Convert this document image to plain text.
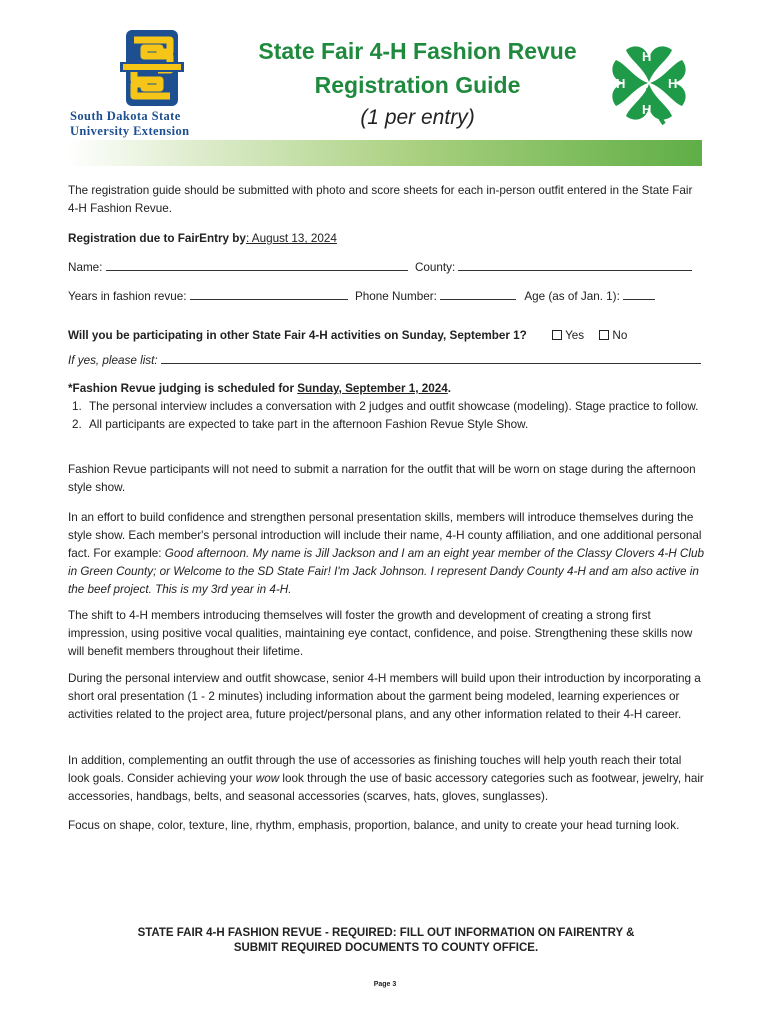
South Dakota State
University Extension
State Fair 4-H Fashion Revue
Registration Guide
(1 per entry)
H
H
H	H
The registration guide should be submitted with photo and score sheets for each in-person outfit entered in the State Fair 4-H Fashion Revue.
Registration due to FairEntry by: August 13, 2024
Name:	County:
Years in fashion revue:	Phone Number:	Age (as of Jan. 1):
Will you be participating in other State Fair 4-H activities on Sunday, September 1?	Yes No
If yes, please list:
*Fashion Revue judging is scheduled for Sunday, September 1, 2024.
1. The personal interview includes a conversation with 2 judges and outfit showcase (modeling). Stage practice to follow.
2. All participants are expected to take part in the afternoon Fashion Revue Style Show.
Fashion Revue participants will not need to submit a narration for the outfit that will be worn on stage during the afternoon style show.
In an effort to build confidence and strengthen personal presentation skills, members will introduce themselves during the style show. Each member's personal introduction will include their name, 4-H county affiliation, and one additional personal fact. For example: Good afternoon. My name is Jill Jackson and I am an eight year member of the Classy Clovers 4-H Club in Green County; or Welcome to the SD State Fair! I'm Jack Johnson. I represent Dandy County 4-H and am also active in the beef project. This is my 3rd year in 4-H.
The shift to 4-H members introducing themselves will foster the growth and development of creating a strong first impression, using positive vocal qualities, maintaining eye contact, confidence, and poise. Strengthening these skills now will benefit members throughout their lifetime.
During the personal interview and outfit showcase, senior 4-H members will build upon their introduction by incorporating a short oral presentation (1 - 2 minutes) including information about the garment being modeled, learning experiences or activities related to the project area, future project/personal plans, and any other information related to their 4-H career.
In addition, complementing an outfit through the use of accessories as finishing touches will help youth reach their total look goals. Consider achieving your wow look through the use of basic accessory categories such as footwear, jewelry, hair accessories, handbags, belts, and seasonal accessories (scarves, hats, gloves, sunglasses).
Focus on shape, color, texture, line, rhythm, emphasis, proportion, balance, and unity to create your head turning look.
STATE FAIR 4-H FASHION REVUE - REQUIRED: FILL OUT INFORMATION ON FAIRENTRY &
SUBMIT REQUIRED DOCUMENTS TO COUNTY OFFICE.
Page 3
